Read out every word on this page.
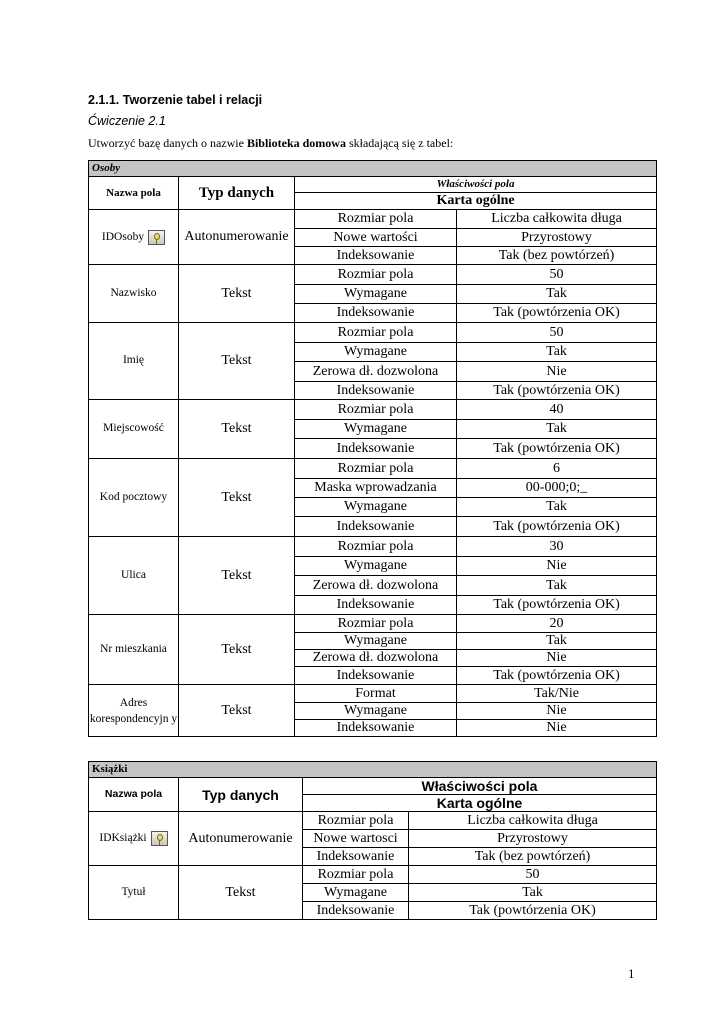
2.1.1. Tworzenie tabel i relacji
Ćwiczenie 2.1
Utworzyć bazę danych o nazwie Biblioteka domowa składającą się z tabel:
Osoby			
Nazwa pola	Typ danych	Właściwości pola	
		Karta ogólne	
IDOsoby	Autonumerowanie	Rozmiar pola	Liczba całkowita długa
		Nowe wartości	Przyrostowy
		Indeksowanie	Tak (bez powtórzeń)
Nazwisko	Tekst	Rozmiar pola	50
		Wymagane	Tak
		Indeksowanie	Tak (powtórzenia OK)
Imię	Tekst	Rozmiar pola	50
		Wymagane	Tak
		Zerowa dł. dozwolona	Nie
		Indeksowanie	Tak (powtórzenia OK)
Miejscowość	Tekst	Rozmiar pola	40
		Wymagane	Tak
		Indeksowanie	Tak (powtórzenia OK)
Kod pocztowy	Tekst	Rozmiar pola	6
		Maska wprowadzania	00-000;0;_
		Wymagane	Tak
		Indeksowanie	Tak (powtórzenia OK)
Ulica	Tekst	Rozmiar pola	30
		Wymagane	Nie
		Zerowa dł. dozwolona	Tak
		Indeksowanie	Tak (powtórzenia OK)
Nr mieszkania	Tekst	Rozmiar pola	20
		Wymagane	Tak
		Zerowa dł. dozwolona	Nie
		Indeksowanie	Tak (powtórzenia OK)
Adres korespondencyjn y	Tekst	Format	Tak/Nie
		Wymagane	Nie
		Indeksowanie	Nie
Książki			
Nazwa pola	Typ danych	Właściwości pola	
		Karta ogólne	
IDKsiążki	Autonumerowanie	Rozmiar pola	Liczba całkowita długa
		Nowe wartosci	Przyrostowy
		Indeksowanie	Tak (bez powtórzeń)
Tytuł	Tekst	Rozmiar pola	50
		Wymagane	Tak
		Indeksowanie	Tak (powtórzenia OK)
1
